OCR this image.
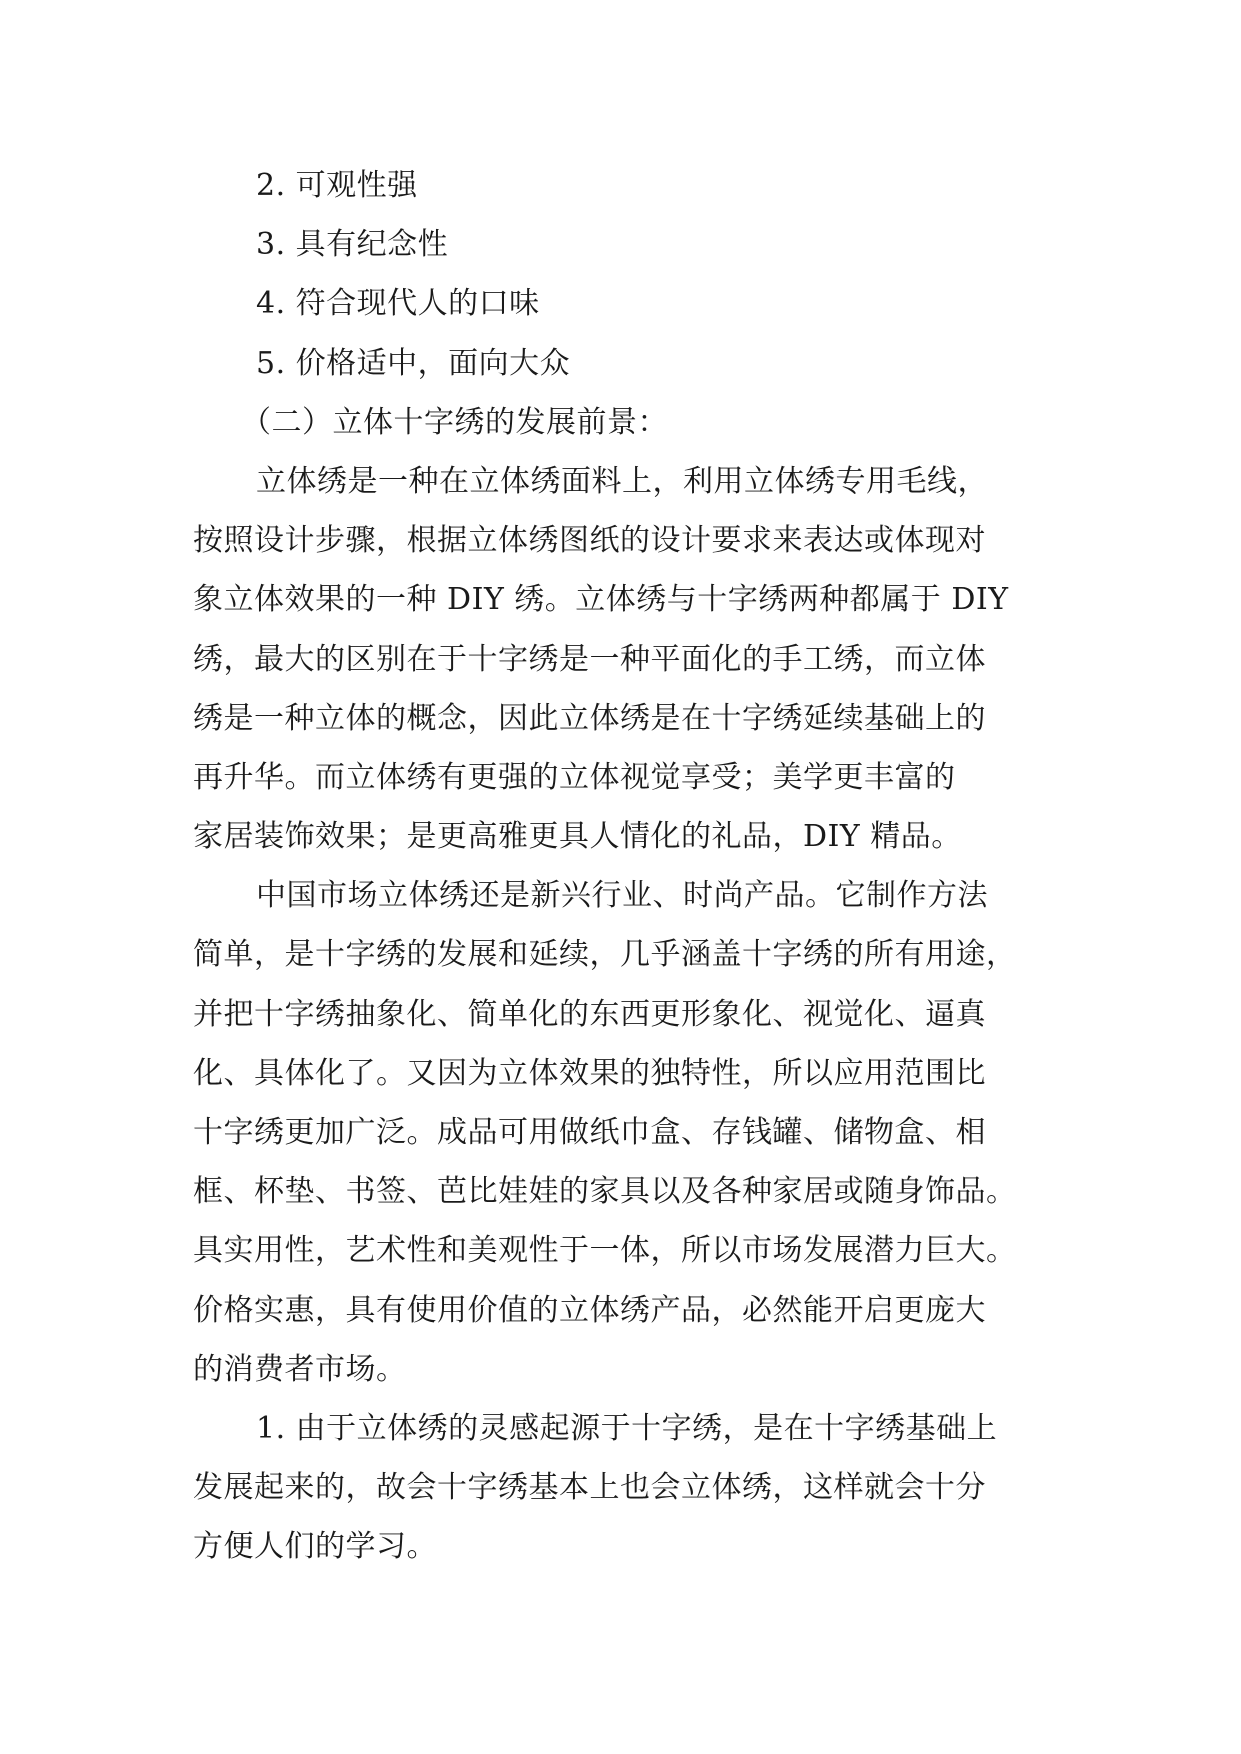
2. 可观性强
3. 具有纪念性
4. 符合现代人的口味
5. 价格适中，面向大众
（二）立体十字绣的发展前景：
立体绣是一种在立体绣面料上，利用立体绣专用毛线，
按照设计步骤，根据立体绣图纸的设计要求来表达或体现对
象立体效果的一种 DIY 绣。立体绣与十字绣两种都属于 DIY
绣，最大的区别在于十字绣是一种平面化的手工绣，而立体
绣是一种立体的概念，因此立体绣是在十字绣延续基础上的
再升华。而立体绣有更强的立体视觉享受；美学更丰富的
家居装饰效果；是更高雅更具人情化的礼品，DIY 精品。
中国市场立体绣还是新兴行业、时尚产品。它制作方法
简单，是十字绣的发展和延续，几乎涵盖十字绣的所有用途，
并把十字绣抽象化、简单化的东西更形象化、视觉化、逼真
化、具体化了。又因为立体效果的独特性，所以应用范围比
十字绣更加广泛。成品可用做纸巾盒、存钱罐、储物盒、相
框、杯垫、书签、芭比娃娃的家具以及各种家居或随身饰品。
具实用性，艺术性和美观性于一体，所以市场发展潜力巨大。
价格实惠，具有使用价值的立体绣产品，必然能开启更庞大
的消费者市场。
1. 由于立体绣的灵感起源于十字绣，是在十字绣基础上
发展起来的，故会十字绣基本上也会立体绣，这样就会十分
方便人们的学习。
